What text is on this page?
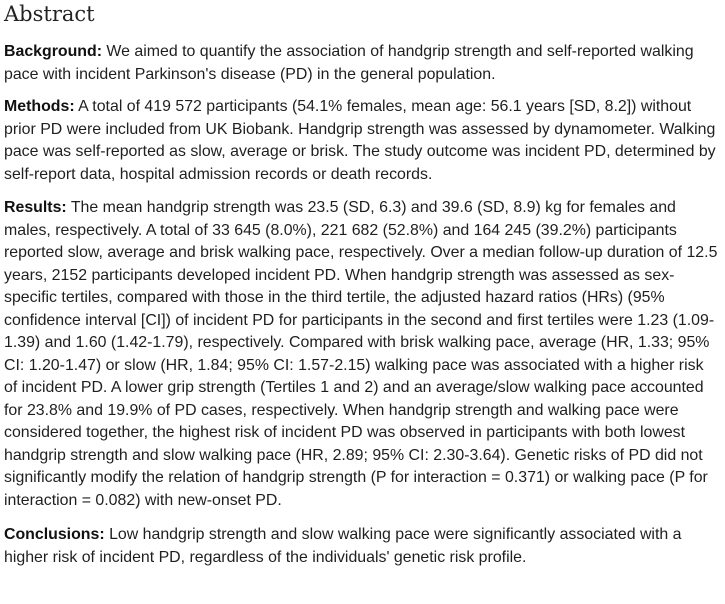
Abstract

Background: We aimed to quantify the association of handgrip strength and self-reported walking pace with incident Parkinson's disease (PD) in the general population.

Methods: A total of 419 572 participants (54.1% females, mean age: 56.1 years [SD, 8.2]) without prior PD were included from UK Biobank. Handgrip strength was assessed by dynamometer. Walking pace was self-reported as slow, average or brisk. The study outcome was incident PD, determined by self-report data, hospital admission records or death records.

Results: The mean handgrip strength was 23.5 (SD, 6.3) and 39.6 (SD, 8.9) kg for females and males, respectively. A total of 33 645 (8.0%), 221 682 (52.8%) and 164 245 (39.2%) participants reported slow, average and brisk walking pace, respectively. Over a median follow-up duration of 12.5 years, 2152 participants developed incident PD. When handgrip strength was assessed as sex-specific tertiles, compared with those in the third tertile, the adjusted hazard ratios (HRs) (95% confidence interval [CI]) of incident PD for participants in the second and first tertiles were 1.23 (1.09-1.39) and 1.60 (1.42-1.79), respectively. Compared with brisk walking pace, average (HR, 1.33; 95% CI: 1.20-1.47) or slow (HR, 1.84; 95% CI: 1.57-2.15) walking pace was associated with a higher risk of incident PD. A lower grip strength (Tertiles 1 and 2) and an average/slow walking pace accounted for 23.8% and 19.9% of PD cases, respectively. When handgrip strength and walking pace were considered together, the highest risk of incident PD was observed in participants with both lowest handgrip strength and slow walking pace (HR, 2.89; 95% CI: 2.30-3.64). Genetic risks of PD did not significantly modify the relation of handgrip strength (P for interaction = 0.371) or walking pace (P for interaction = 0.082) with new-onset PD.

Conclusions: Low handgrip strength and slow walking pace were significantly associated with a higher risk of incident PD, regardless of the individuals' genetic risk profile.
